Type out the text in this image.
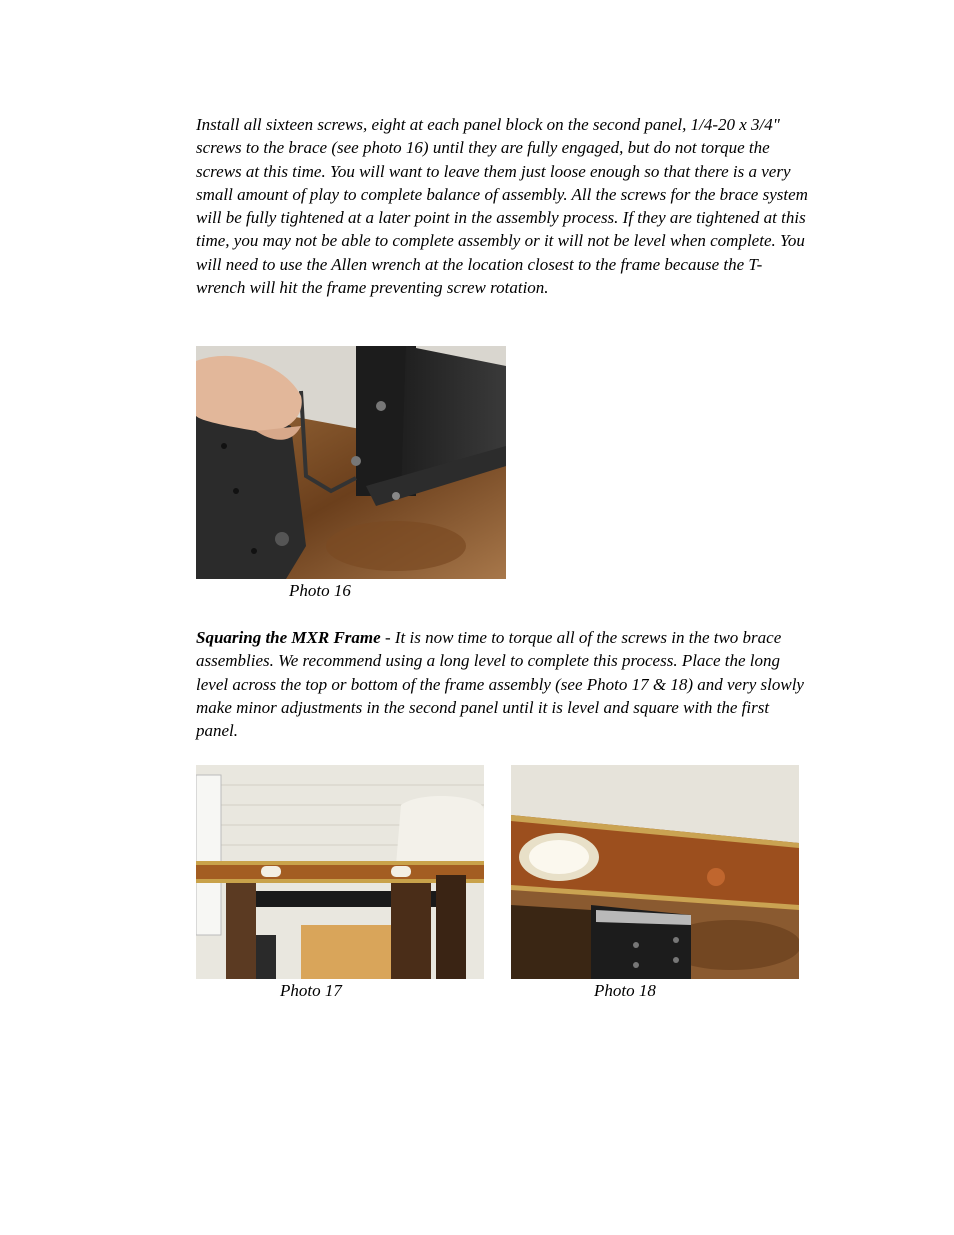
Install all sixteen screws, eight at each panel block on the second panel, 1/4-20 x 3/4" screws to the brace (see photo 16) until they are fully engaged, but do not torque the screws at this time. You will want to leave them just loose enough so that there is a very small amount of play to complete balance of assembly. All the screws for the brace system will be fully tightened at a later point in the assembly process. If they are tightened at this time, you may not be able to complete assembly or it will not be level when complete. You will need to use the Allen wrench at the location closest to the frame because the T-wrench will hit the frame preventing screw rotation.

Photo 16

Squaring the MXR Frame - It is now time to torque all of the screws in the two brace assemblies. We recommend using a long level to complete this process. Place the long level across the top or bottom of the frame assembly (see Photo 17 & 18) and very slowly make minor adjustments in the second panel until it is level and square with the first panel.

Photo 17	Photo 18
